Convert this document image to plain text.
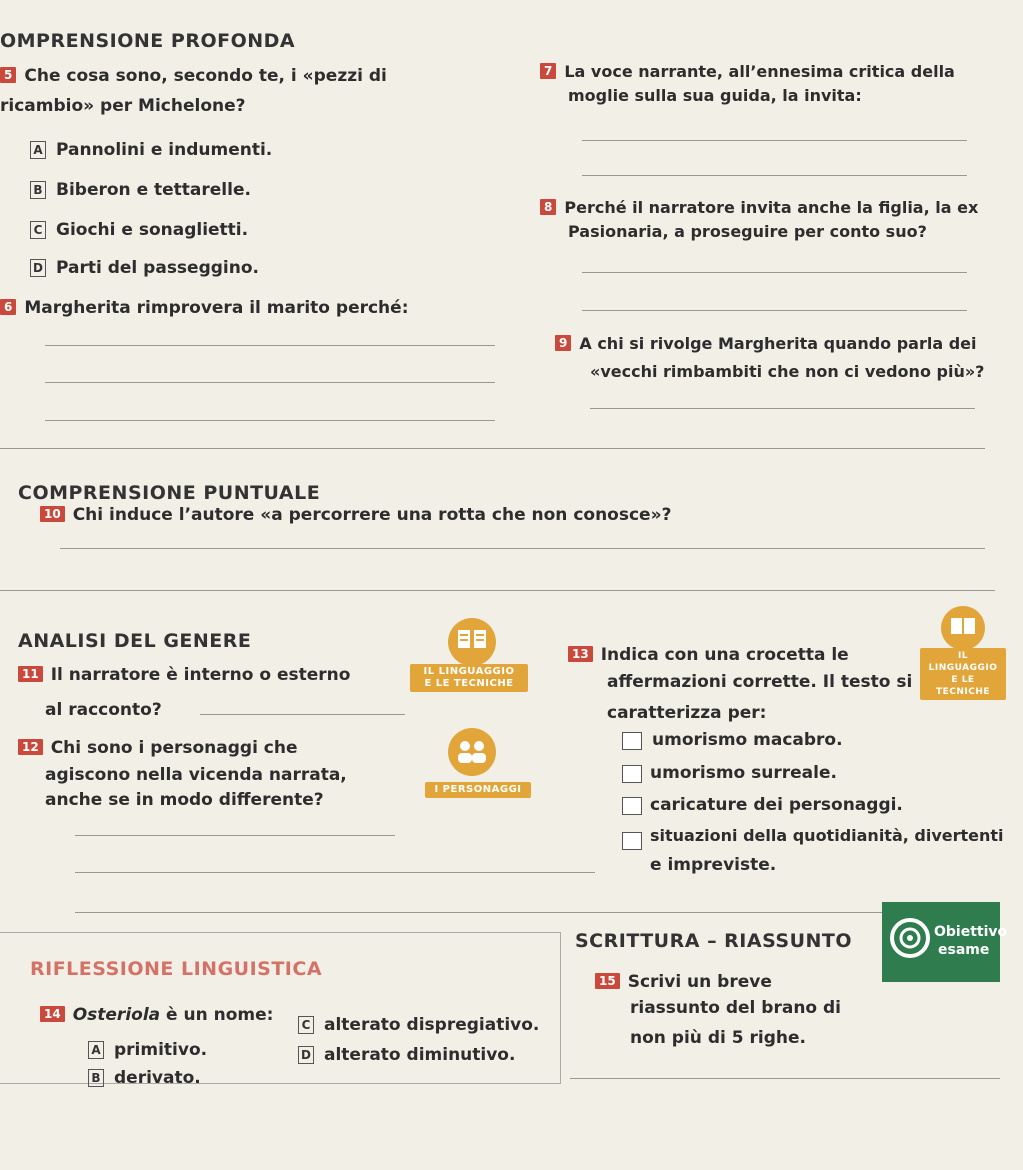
OMPRENSIONE PROFONDA
5 Che cosa sono, secondo te, i «pezzi di
ricambio» per Michelone?
A Pannolini e indumenti.
B Biberon e tettarelle.
C Giochi e sonaglietti.
D Parti del passeggino.
6 Margherita rimprovera il marito perché:
7 La voce narrante, all’ennesima critica della
moglie sulla sua guida, la invita:
8 Perché il narratore invita anche la figlia, la ex
Pasionaria, a proseguire per conto suo?
9 A chi si rivolge Margherita quando parla dei
«vecchi rimbambiti che non ci vedono più»?
COMPRENSIONE PUNTUALE
10 Chi induce l’autore «a percorrere una rotta che non conosce»?
ANALISI DEL GENERE
IL LINGUAGGIO
E LE TECNICHE
11 Il narratore è interno o esterno
al racconto?
12 Chi sono i personaggi che
agiscono nella vicenda narrata,
anche se in modo differente?
I PERSONAGGI
13 Indica con una crocetta le
affermazioni corrette. Il testo si
caratterizza per:
umorismo macabro.
umorismo surreale.
caricature dei personaggi.
situazioni della quotidianità, divertenti
e impreviste.
IL LINGUAGGIO
E LE TECNICHE
RIFLESSIONE LINGUISTICA
14 Osteriola è un nome:
A primitivo.
B derivato.
C alterato dispregiativo.
D alterato diminutivo.
SCRITTURA – RIASSUNTO	Obiettivo
esame
15 Scrivi un breve
riassunto del brano di
non più di 5 righe.
